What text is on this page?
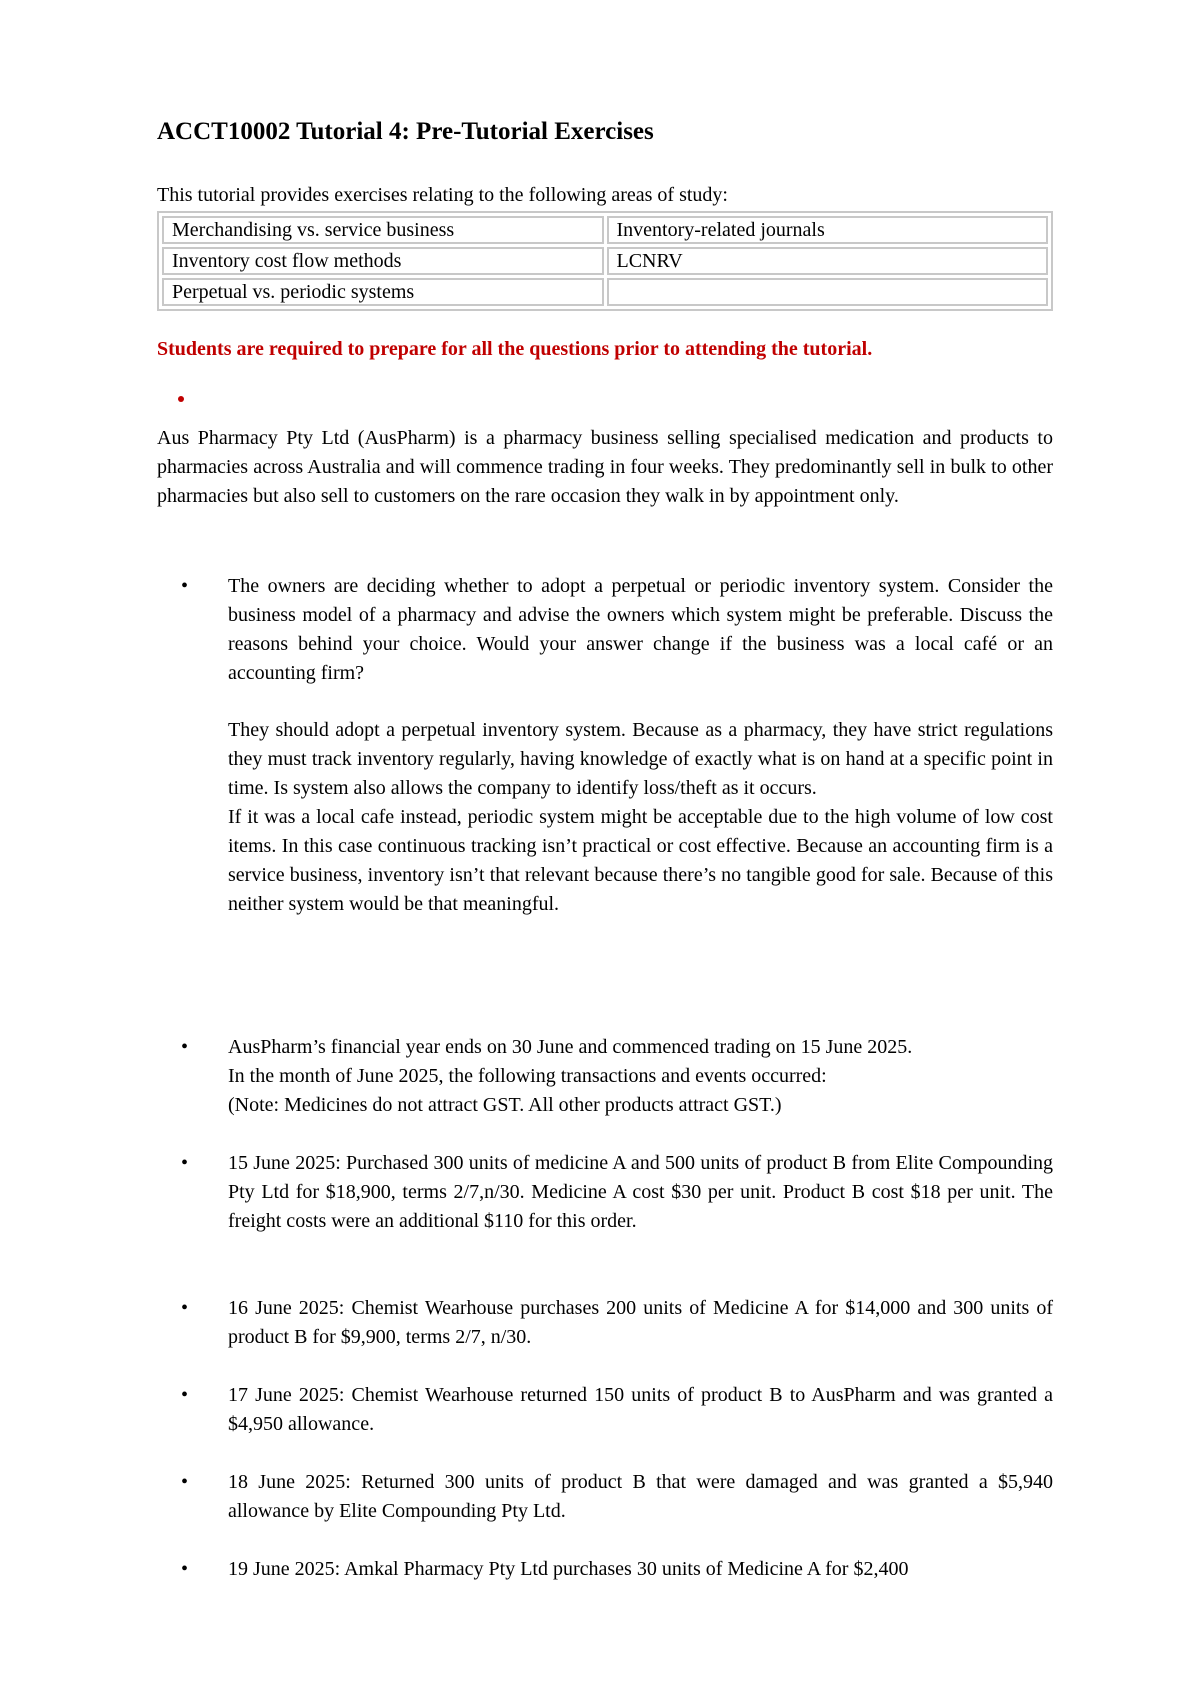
ACCT10002 Tutorial 4: Pre-Tutorial Exercises

This tutorial provides exercises relating to the following areas of study:

Merchandising vs. service business	Inventory-related journals
Inventory cost flow methods	LCNRV
Perpetual vs. periodic systems	

Students are required to prepare for all the questions prior to attending the tutorial.

Aus Pharmacy Pty Ltd (AusPharm) is a pharmacy business selling specialised medication and products to pharmacies across Australia and will commence trading in four weeks. They predominantly sell in bulk to other pharmacies but also sell to customers on the rare occasion they walk in by appointment only.

• The owners are deciding whether to adopt a perpetual or periodic inventory system. Consider the business model of a pharmacy and advise the owners which system might be preferable. Discuss the reasons behind your choice. Would your answer change if the business was a local café or an accounting firm?

They should adopt a perpetual inventory system. Because as a pharmacy, they have strict regulations they must track inventory regularly, having knowledge of exactly what is on hand at a specific point in time. Is system also allows the company to identify loss/theft as it occurs.
If it was a local cafe instead, periodic system might be acceptable due to the high volume of low cost items. In this case continuous tracking isn’t practical or cost effective. Because an accounting firm is a service business, inventory isn’t that relevant because there’s no tangible good for sale. Because of this neither system would be that meaningful.
• AusPharm’s financial year ends on 30 June and commenced trading on 15 June 2025.
In the month of June 2025, the following transactions and events occurred:
(Note: Medicines do not attract GST. All other products attract GST.)
• 15 June 2025: Purchased 300 units of medicine A and 500 units of product B from Elite Compounding Pty Ltd for $18,900, terms 2/7,n/30. Medicine A cost $30 per unit. Product B cost $18 per unit. The freight costs were an additional $110 for this order.

• 16 June 2025: Chemist Wearhouse purchases 200 units of Medicine A for $14,000 and 300 units of product B for $9,900, terms 2/7, n/30.

• 17 June 2025: Chemist Wearhouse returned 150 units of product B to AusPharm and was granted a $4,950 allowance.

• 18 June 2025: Returned 300 units of product B that were damaged and was granted a $5,940 allowance by Elite Compounding Pty Ltd.

• 19 June 2025: Amkal Pharmacy Pty Ltd purchases 30 units of Medicine A for $2,400
